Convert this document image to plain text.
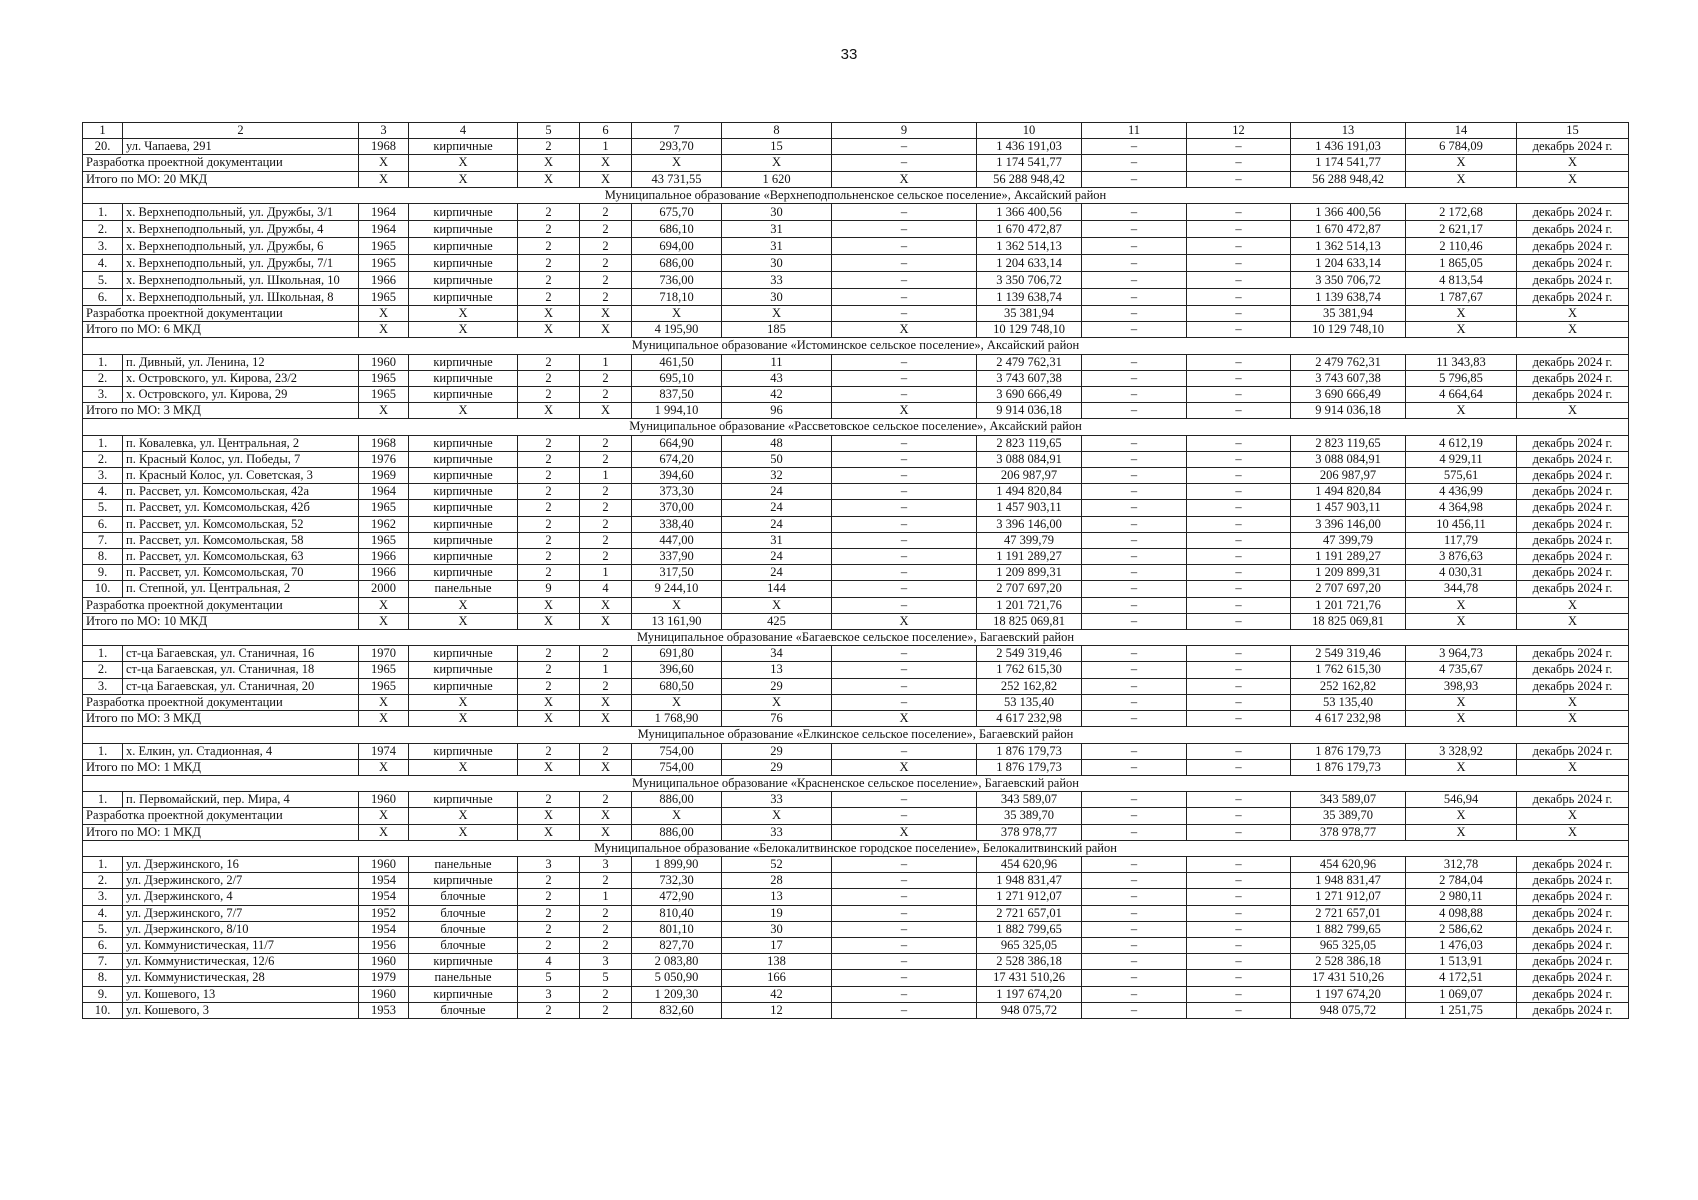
33
1	2	3	4	5	6	7	8	9	10	11	12	13	14	15
20.	ул. Чапаева, 291	1968	кирпичные	2	1	293,70	15	–	1 436 191,03	–	–	1 436 191,03	6 784,09	декабрь 2024 г.
Разработка проектной документации		X	X	X	X	X	X	–	1 174 541,77	–	–	1 174 541,77	X	X
Итого по МО: 20 МКД		X	X	X	X	43 731,55	1 620	X	56 288 948,42	–	–	56 288 948,42	X	X
Муниципальное образование «Верхнеподпольненское сельское поселение», Аксайский район														
1.	х. Верхнеподпольный, ул. Дружбы, 3/1	1964	кирпичные	2	2	675,70	30	–	1 366 400,56	–	–	1 366 400,56	2 172,68	декабрь 2024 г.
2.	х. Верхнеподпольный, ул. Дружбы, 4	1964	кирпичные	2	2	686,10	31	–	1 670 472,87	–	–	1 670 472,87	2 621,17	декабрь 2024 г.
3.	х. Верхнеподпольный, ул. Дружбы, 6	1965	кирпичные	2	2	694,00	31	–	1 362 514,13	–	–	1 362 514,13	2 110,46	декабрь 2024 г.
4.	х. Верхнеподпольный, ул. Дружбы, 7/1	1965	кирпичные	2	2	686,00	30	–	1 204 633,14	–	–	1 204 633,14	1 865,05	декабрь 2024 г.
5.	х. Верхнеподпольный, ул. Школьная, 10	1966	кирпичные	2	2	736,00	33	–	3 350 706,72	–	–	3 350 706,72	4 813,54	декабрь 2024 г.
6.	х. Верхнеподпольный, ул. Школьная, 8	1965	кирпичные	2	2	718,10	30	–	1 139 638,74	–	–	1 139 638,74	1 787,67	декабрь 2024 г.
Разработка проектной документации		X	X	X	X	X	X	–	35 381,94	–	–	35 381,94	X	X
Итого по МО: 6 МКД		X	X	X	X	4 195,90	185	X	10 129 748,10	–	–	10 129 748,10	X	X
Муниципальное образование «Истоминское сельское поселение», Аксайский район														
1.	п. Дивный, ул. Ленина, 12	1960	кирпичные	2	1	461,50	11	–	2 479 762,31	–	–	2 479 762,31	11 343,83	декабрь 2024 г.
2.	х. Островского, ул. Кирова, 23/2	1965	кирпичные	2	2	695,10	43	–	3 743 607,38	–	–	3 743 607,38	5 796,85	декабрь 2024 г.
3.	х. Островского, ул. Кирова, 29	1965	кирпичные	2	2	837,50	42	–	3 690 666,49	–	–	3 690 666,49	4 664,64	декабрь 2024 г.
Итого по МО: 3 МКД		X	X	X	X	1 994,10	96	X	9 914 036,18	–	–	9 914 036,18	X	X
Муниципальное образование «Рассветовское сельское поселение», Аксайский район														
1.	п. Ковалевка, ул. Центральная, 2	1968	кирпичные	2	2	664,90	48	–	2 823 119,65	–	–	2 823 119,65	4 612,19	декабрь 2024 г.
2.	п. Красный Колос, ул. Победы, 7	1976	кирпичные	2	2	674,20	50	–	3 088 084,91	–	–	3 088 084,91	4 929,11	декабрь 2024 г.
3.	п. Красный Колос, ул. Советская, 3	1969	кирпичные	2	1	394,60	32	–	206 987,97	–	–	206 987,97	575,61	декабрь 2024 г.
4.	п. Рассвет, ул. Комсомольская, 42а	1964	кирпичные	2	2	373,30	24	–	1 494 820,84	–	–	1 494 820,84	4 436,99	декабрь 2024 г.
5.	п. Рассвет, ул. Комсомольская, 42б	1965	кирпичные	2	2	370,00	24	–	1 457 903,11	–	–	1 457 903,11	4 364,98	декабрь 2024 г.
6.	п. Рассвет, ул. Комсомольская, 52	1962	кирпичные	2	2	338,40	24	–	3 396 146,00	–	–	3 396 146,00	10 456,11	декабрь 2024 г.
7.	п. Рассвет, ул. Комсомольская, 58	1965	кирпичные	2	2	447,00	31	–	47 399,79	–	–	47 399,79	117,79	декабрь 2024 г.
8.	п. Рассвет, ул. Комсомольская, 63	1966	кирпичные	2	2	337,90	24	–	1 191 289,27	–	–	1 191 289,27	3 876,63	декабрь 2024 г.
9.	п. Рассвет, ул. Комсомольская, 70	1966	кирпичные	2	1	317,50	24	–	1 209 899,31	–	–	1 209 899,31	4 030,31	декабрь 2024 г.
10.	п. Степной, ул. Центральная, 2	2000	панельные	9	4	9 244,10	144	–	2 707 697,20	–	–	2 707 697,20	344,78	декабрь 2024 г.
Разработка проектной документации		X	X	X	X	X	X	–	1 201 721,76	–	–	1 201 721,76	X	X
Итого по МО: 10 МКД		X	X	X	X	13 161,90	425	X	18 825 069,81	–	–	18 825 069,81	X	X
Муниципальное образование «Багаевское сельское поселение», Багаевский район														
1.	ст-ца Багаевская, ул. Станичная, 16	1970	кирпичные	2	2	691,80	34	–	2 549 319,46	–	–	2 549 319,46	3 964,73	декабрь 2024 г.
2.	ст-ца Багаевская, ул. Станичная, 18	1965	кирпичные	2	1	396,60	13	–	1 762 615,30	–	–	1 762 615,30	4 735,67	декабрь 2024 г.
3.	ст-ца Багаевская, ул. Станичная, 20	1965	кирпичные	2	2	680,50	29	–	252 162,82	–	–	252 162,82	398,93	декабрь 2024 г.
Разработка проектной документации		X	X	X	X	X	X	–	53 135,40	–	–	53 135,40	X	X
Итого по МО: 3 МКД		X	X	X	X	1 768,90	76	X	4 617 232,98	–	–	4 617 232,98	X	X
Муниципальное образование «Елкинское сельское поселение», Багаевский район														
1.	х. Елкин, ул. Стадионная, 4	1974	кирпичные	2	2	754,00	29	–	1 876 179,73	–	–	1 876 179,73	3 328,92	декабрь 2024 г.
Итого по МО: 1 МКД		X	X	X	X	754,00	29	X	1 876 179,73	–	–	1 876 179,73	X	X
Муниципальное образование «Красненское сельское поселение», Багаевский район														
1.	п. Первомайский, пер. Мира, 4	1960	кирпичные	2	2	886,00	33	–	343 589,07	–	–	343 589,07	546,94	декабрь 2024 г.
Разработка проектной документации		X	X	X	X	X	X	–	35 389,70	–	–	35 389,70	X	X
Итого по МО: 1 МКД		X	X	X	X	886,00	33	X	378 978,77	–	–	378 978,77	X	X
Муниципальное образование «Белокалитвинское городское поселение», Белокалитвинский район														
1.	ул. Дзержинского, 16	1960	панельные	3	3	1 899,90	52	–	454 620,96	–	–	454 620,96	312,78	декабрь 2024 г.
2.	ул. Дзержинского, 2/7	1954	кирпичные	2	2	732,30	28	–	1 948 831,47	–	–	1 948 831,47	2 784,04	декабрь 2024 г.
3.	ул. Дзержинского, 4	1954	блочные	2	1	472,90	13	–	1 271 912,07	–	–	1 271 912,07	2 980,11	декабрь 2024 г.
4.	ул. Дзержинского, 7/7	1952	блочные	2	2	810,40	19	–	2 721 657,01	–	–	2 721 657,01	4 098,88	декабрь 2024 г.
5.	ул. Дзержинского, 8/10	1954	блочные	2	2	801,10	30	–	1 882 799,65	–	–	1 882 799,65	2 586,62	декабрь 2024 г.
6.	ул. Коммунистическая, 11/7	1956	блочные	2	2	827,70	17	–	965 325,05	–	–	965 325,05	1 476,03	декабрь 2024 г.
7.	ул. Коммунистическая, 12/6	1960	кирпичные	4	3	2 083,80	138	–	2 528 386,18	–	–	2 528 386,18	1 513,91	декабрь 2024 г.
8.	ул. Коммунистическая, 28	1979	панельные	5	5	5 050,90	166	–	17 431 510,26	–	–	17 431 510,26	4 172,51	декабрь 2024 г.
9.	ул. Кошевого, 13	1960	кирпичные	3	2	1 209,30	42	–	1 197 674,20	–	–	1 197 674,20	1 069,07	декабрь 2024 г.
10.	ул. Кошевого, 3	1953	блочные	2	2	832,60	12	–	948 075,72	–	–	948 075,72	1 251,75	декабрь 2024 г.
